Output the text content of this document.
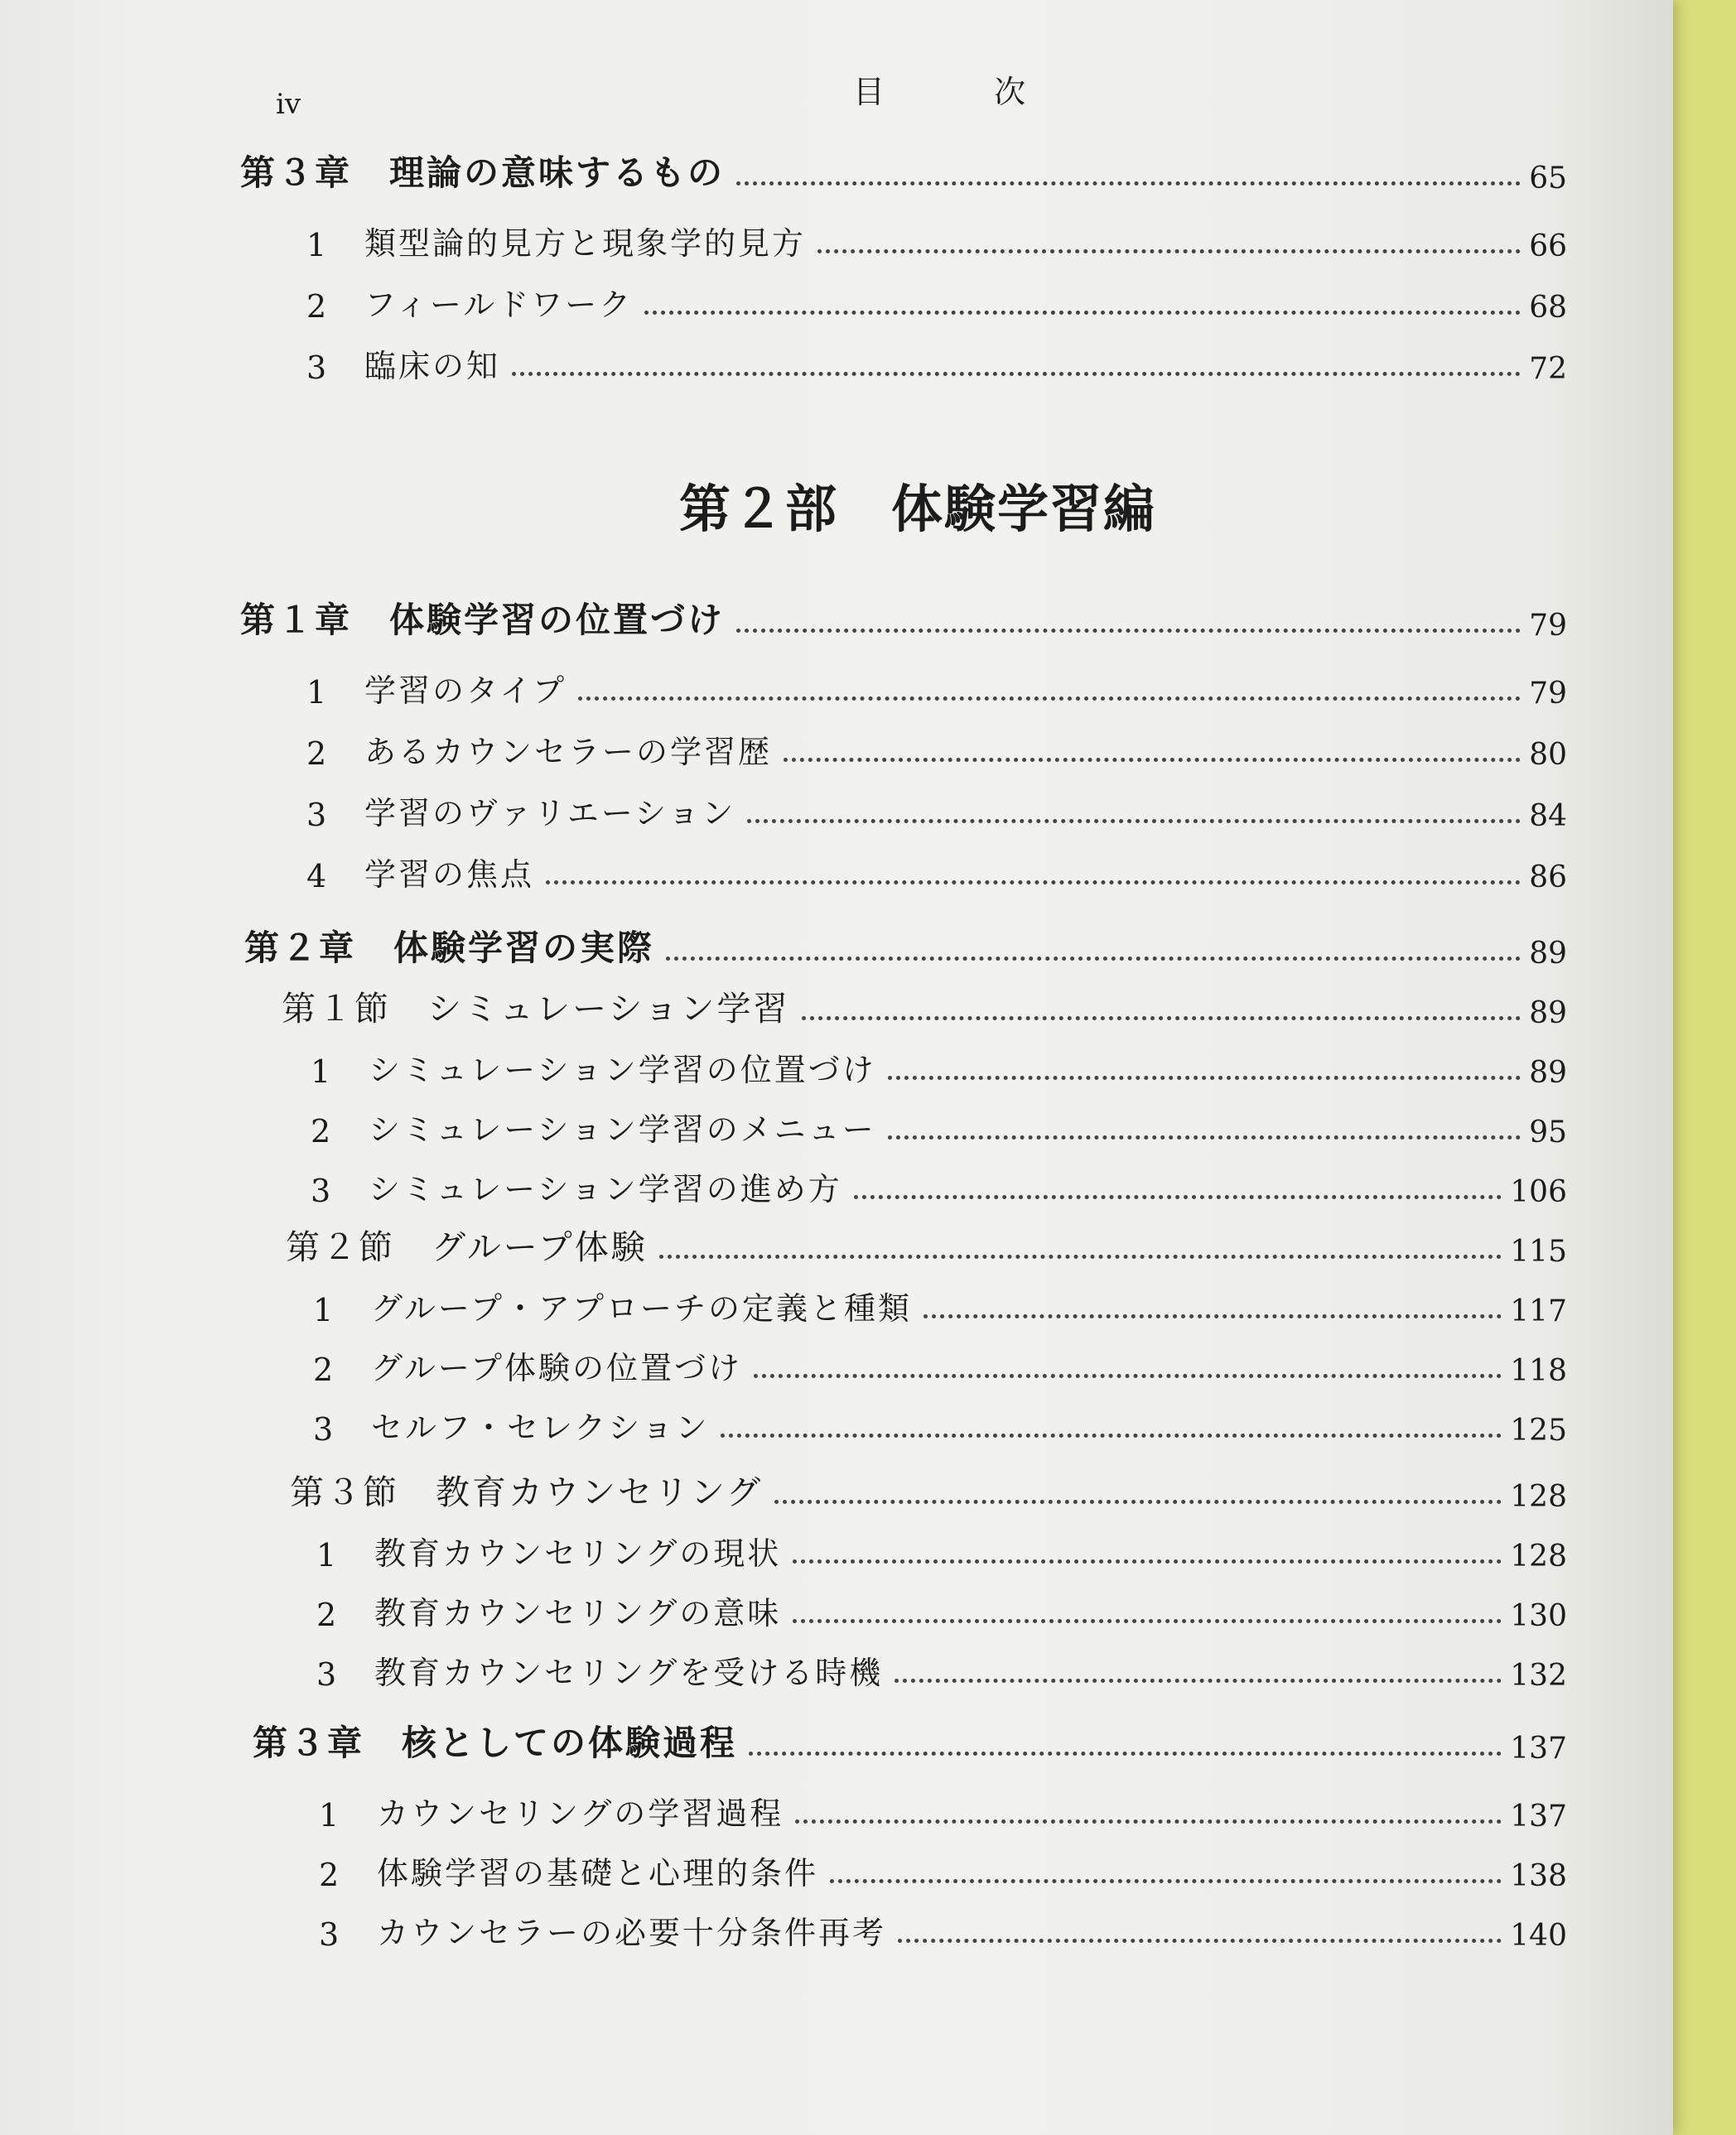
iv	目 次
第３章　理論の意味するもの	65
1	類型論的見方と現象学的見方	66
2	フィールドワーク	68
3	臨床の知	72
第２部　体験学習編
第１章　体験学習の位置づけ	79
1	学習のタイプ	79
2	あるカウンセラーの学習歴	80
3	学習のヴァリエーション	84
4	学習の焦点	86
第２章　体験学習の実際	89
第１節　シミュレーション学習	89
1	シミュレーション学習の位置づけ	89
2	シミュレーション学習のメニュー	95
3	シミュレーション学習の進め方	106
第２節　グループ体験	115
1	グループ・アプローチの定義と種類	117
2	グループ体験の位置づけ	118
3	セルフ・セレクション	125
第３節　教育カウンセリング	128
1	教育カウンセリングの現状	128
2	教育カウンセリングの意味	130
3	教育カウンセリングを受ける時機	132
第３章　核としての体験過程	137
1	カウンセリングの学習過程	137
2	体験学習の基礎と心理的条件	138
3	カウンセラーの必要十分条件再考	140
